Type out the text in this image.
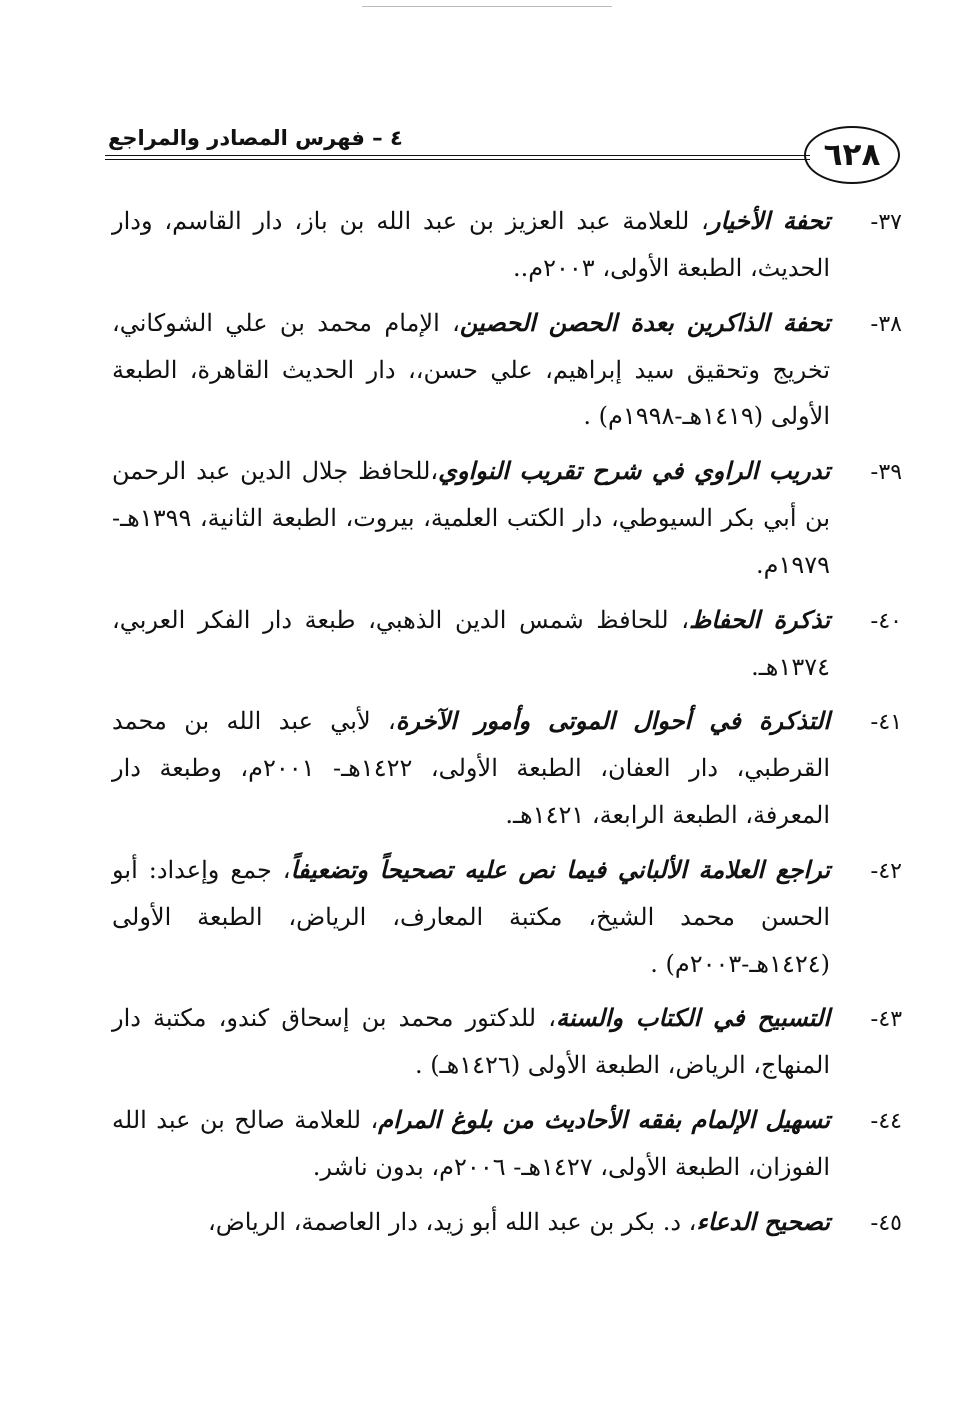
٦٢٨
٤ – فهرس المصادر والمراجع

٣٧-تحفة الأخيار، للعلامة عبد العزيز بن عبد الله بن باز، دار القاسم، ودار الحديث، الطبعة الأولى، ٢٠٠٣م..

٣٨-تحفة الذاكرين بعدة الحصن الحصين، الإمام محمد بن علي الشوكاني، تخريج وتحقيق سيد إبراهيم، علي حسن،، دار الحديث القاهرة، الطبعة الأولى (١٤١٩هـ-١٩٩٨م) .

٣٩-تدريب الراوي في شرح تقريب النواوي،للحافظ جلال الدين عبد الرحمن بن أبي بكر السيوطي، دار الكتب العلمية، بيروت، الطبعة الثانية، ١٣٩٩هـ- ١٩٧٩م.

٤٠-تذكرة الحفاظ، للحافظ شمس الدين الذهبي، طبعة دار الفكر العربي، ١٣٧٤هـ.

٤١-التذكرة في أحوال الموتى وأمور الآخرة، لأبي عبد الله بن محمد القرطبي، دار العفان، الطبعة الأولى، ١٤٢٢هـ- ٢٠٠١م، وطبعة دار المعرفة، الطبعة الرابعة، ١٤٢١هـ.

٤٢-تراجع العلامة الألباني فيما نص عليه تصحيحاً وتضعيفاً، جمع وإعداد: أبو الحسن محمد الشيخ، مكتبة المعارف، الرياض، الطبعة الأولى (١٤٢٤هـ-٢٠٠٣م) .

٤٣-التسبيح في الكتاب والسنة، للدكتور محمد بن إسحاق كندو، مكتبة دار المنهاج، الرياض، الطبعة الأولى (١٤٢٦هـ) .

٤٤-تسهيل الإلمام بفقه الأحاديث من بلوغ المرام، للعلامة صالح بن عبد الله الفوزان، الطبعة الأولى، ١٤٢٧هـ- ٢٠٠٦م، بدون ناشر.

٤٥-تصحيح الدعاء، د. بكر بن عبد الله أبو زيد، دار العاصمة، الرياض،
